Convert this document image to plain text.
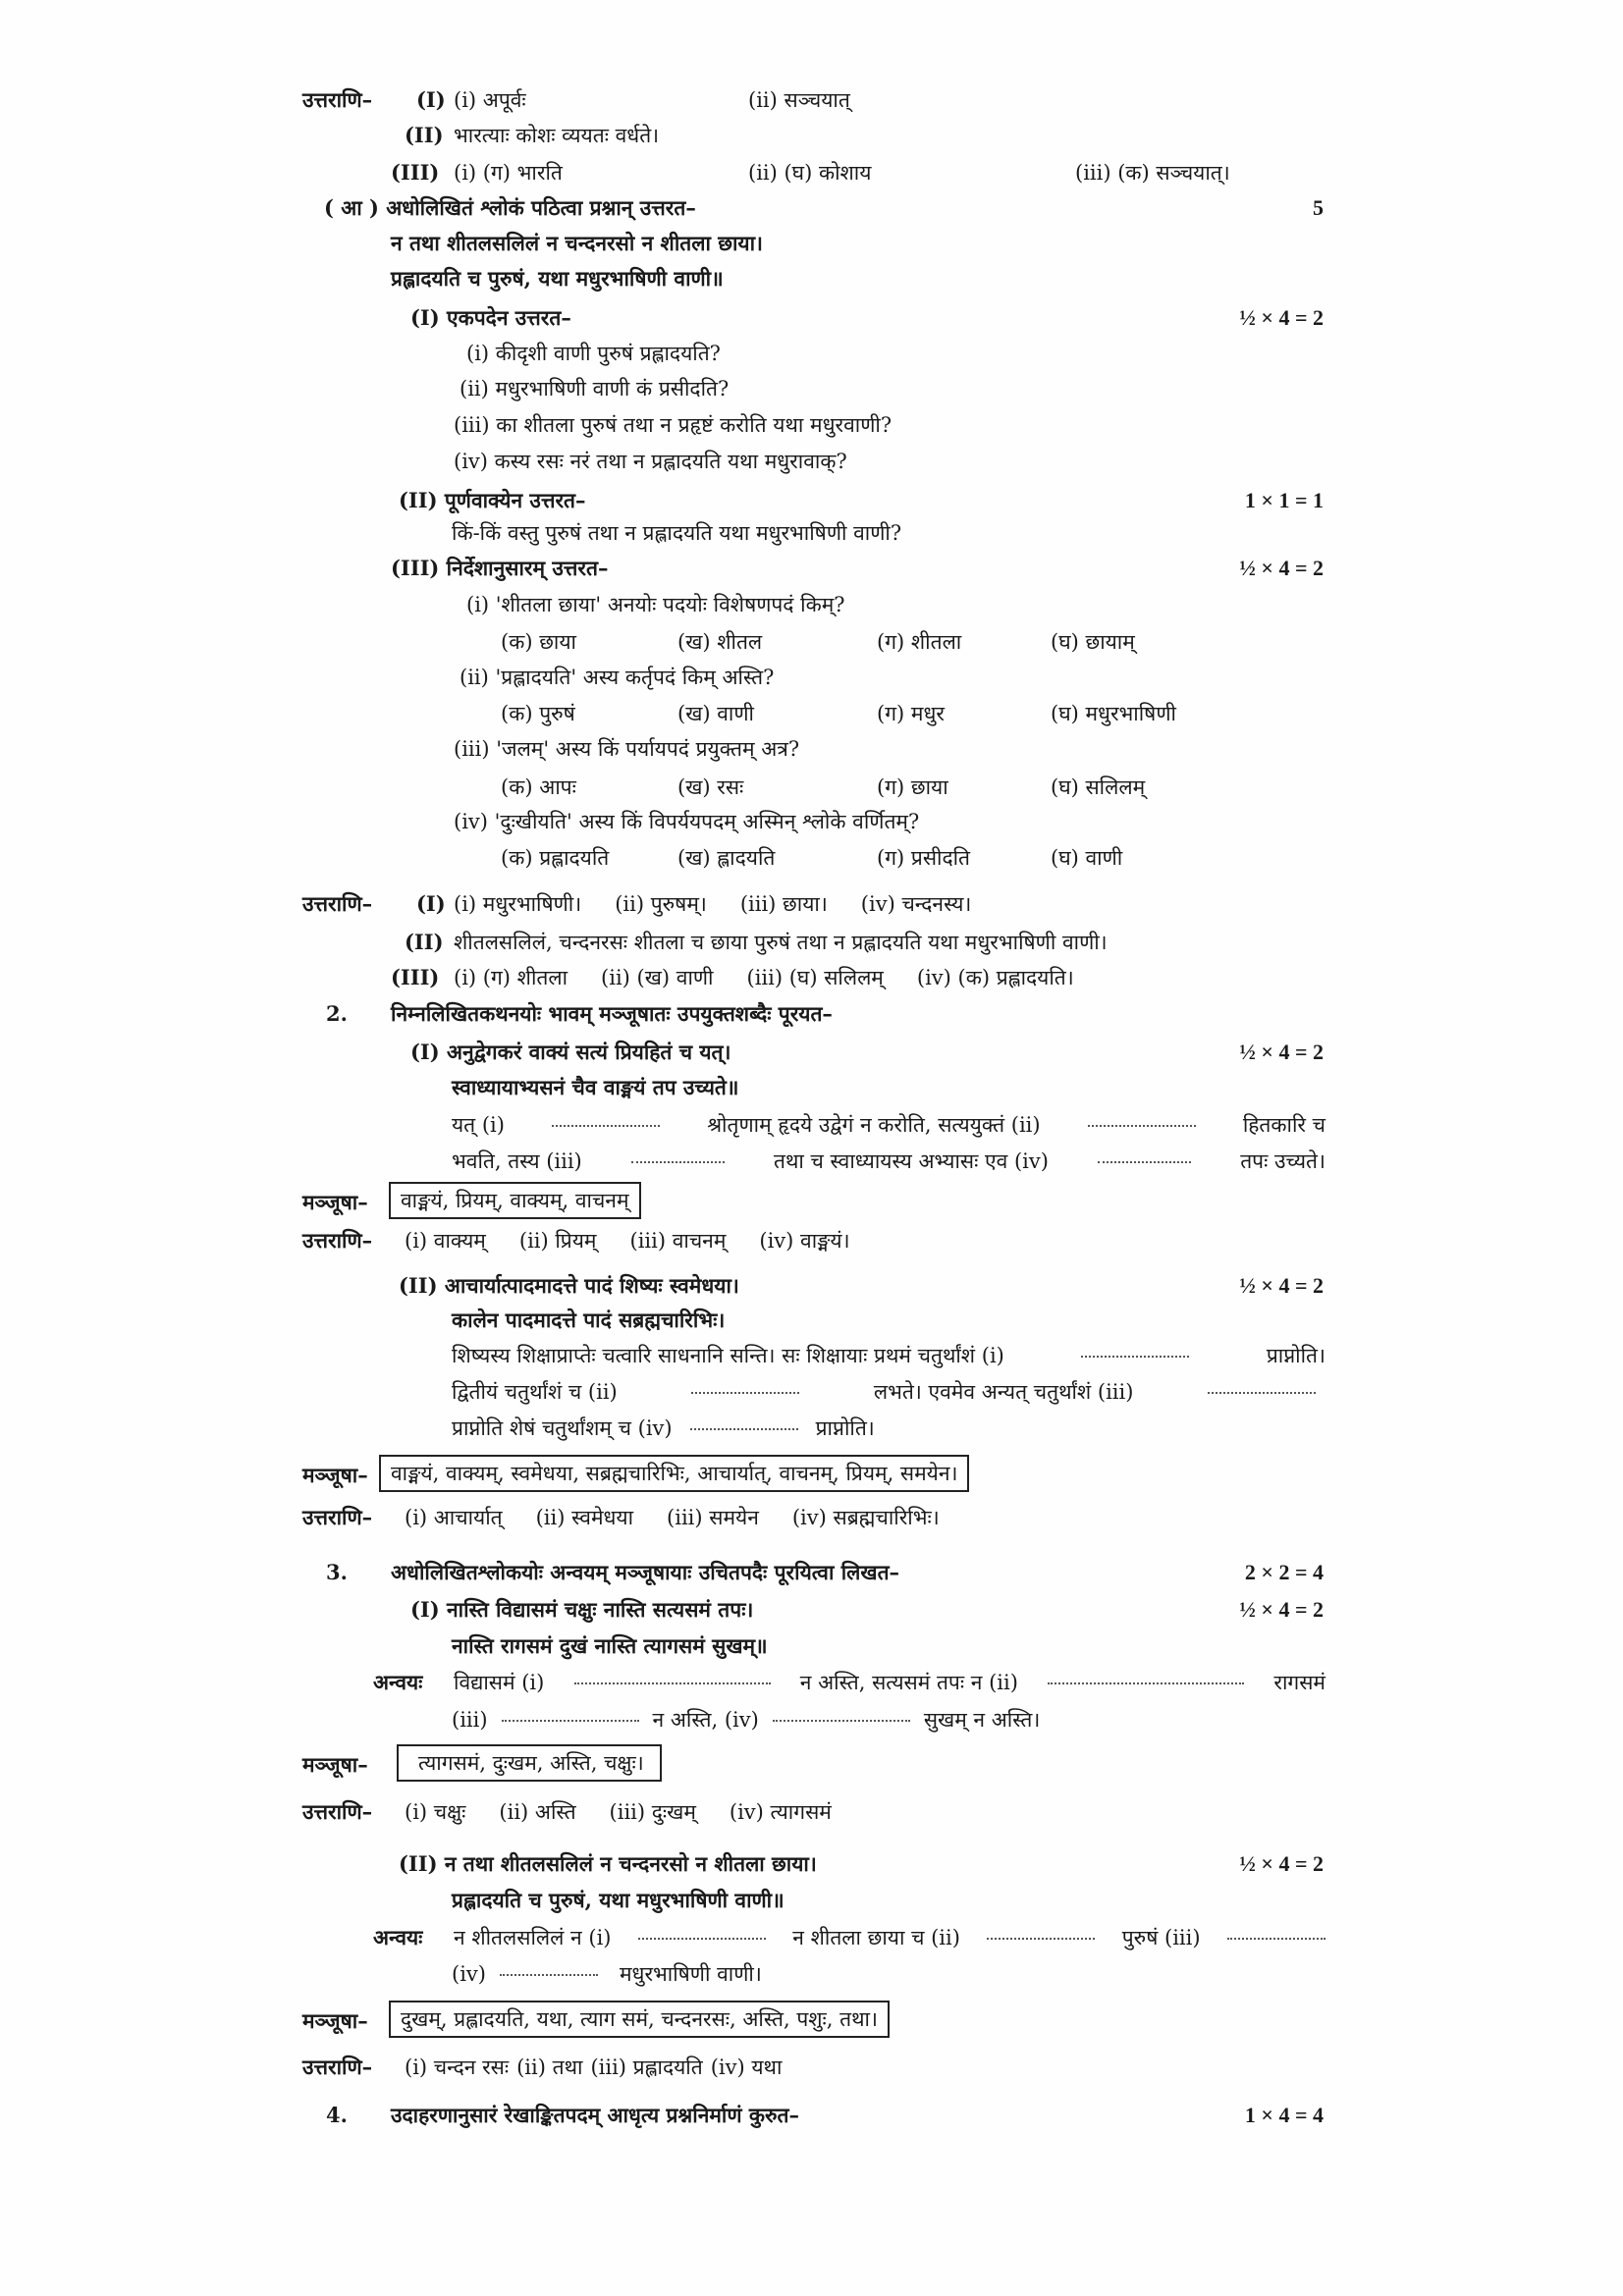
उत्तराणि– (I) (i) अपूर्वः	(ii) सञ्चयात्
(II) भारत्याः कोशः व्ययतः वर्धते।
(III) (i) (ग) भारति	(ii) (घ) कोशाय	(iii) (क) सञ्चयात्।
( आ ) अधोलिखितं श्लोकं पठित्वा प्रश्नान् उत्तरत–	5
न तथा शीतलसलिलं न चन्दनरसो न शीतला छाया।
प्रह्लादयति च पुरुषं, यथा मधुरभाषिणी वाणी॥
(I) एकपदेन उत्तरत–	½ × 4 = 2
(i) कीदृशी वाणी पुरुषं प्रह्लादयति?
(ii) मधुरभाषिणी वाणी कं प्रसीदति?
(iii) का शीतला पुरुषं तथा न प्रहृष्टं करोति यथा मधुरवाणी?
(iv) कस्य रसः नरं तथा न प्रह्लादयति यथा मधुरावाक्?
(II) पूर्णवाक्येन उत्तरत–	1 × 1 = 1
किं-किं वस्तु पुरुषं तथा न प्रह्लादयति यथा मधुरभाषिणी वाणी?
(III) निर्देशानुसारम् उत्तरत–	½ × 4 = 2
(i) 'शीतला छाया' अनयोः पदयोः विशेषणपदं किम्?
(क) छाया	(ख) शीतल	(ग) शीतला	(घ) छायाम्
(ii) 'प्रह्लादयति' अस्य कर्तृपदं किम् अस्ति?
(क) पुरुषं	(ख) वाणी	(ग) मधुर	(घ) मधुरभाषिणी
(iii) 'जलम्' अस्य किं पर्यायपदं प्रयुक्तम् अत्र?
(क) आपः	(ख) रसः	(ग) छाया	(घ) सलिलम्
(iv) 'दुःखीयति' अस्य किं विपर्ययपदम् अस्मिन् श्लोके वर्णितम्?
(क) प्रह्लादयति	(ख) ह्लादयति	(ग) प्रसीदति	(घ) वाणी
उत्तराणि– (I) (i) मधुरभाषिणी। (ii) पुरुषम्। (iii) छाया। (iv) चन्दनस्य।
(II) शीतलसलिलं, चन्दनरसः शीतला च छाया पुरुषं तथा न प्रह्लादयति यथा मधुरभाषिणी वाणी।
(III) (i) (ग) शीतला (ii) (ख) वाणी (iii) (घ) सलिलम् (iv) (क) प्रह्लादयति।
2. निम्नलिखितकथनयोः भावम् मञ्जूषातः उपयुक्तशब्दैः पूरयत–
(I) अनुद्वेगकरं वाक्यं सत्यं प्रियहितं च यत्।	½ × 4 = 2
स्वाध्यायाभ्यसनं चैव वाङ्मयं तप उच्यते॥
यत् (i)	श्रोतृणाम् हृदये उद्वेगं न करोति, सत्ययुक्तं (ii)	हितकारि च
भवति, तस्य (iii)	तथा च स्वाध्यायस्य अभ्यासः एव (iv)	तपः उच्यते।
मञ्जूषा–	वाङ्मयं, प्रियम्, वाक्यम्, वाचनम्
उत्तराणि– (i) वाक्यम् (ii) प्रियम् (iii) वाचनम् (iv) वाङ्मयं।
(II) आचार्यात्पादमादत्ते पादं शिष्यः स्वमेधया।	½ × 4 = 2
कालेन पादमादत्ते पादं सब्रह्मचारिभिः।
शिष्यस्य शिक्षाप्राप्तेः चत्वारि साधनानि सन्ति। सः शिक्षायाः प्रथमं चतुर्थांशं (i)	प्राप्नोति।
द्वितीयं चतुर्थांशं च (ii)	लभते। एवमेव अन्यत् चतुर्थांशं (iii)
प्राप्नोति शेषं चतुर्थांशम् च (iv)	प्राप्नोति।
मञ्जूषा–	वाङ्मयं, वाक्यम्, स्वमेधया, सब्रह्मचारिभिः, आचार्यात्, वाचनम्, प्रियम्, समयेन।
उत्तराणि– (i) आचार्यात् (ii) स्वमेधया (iii) समयेन (iv) सब्रह्मचारिभिः।
3. अधोलिखितश्लोकयोः अन्वयम् मञ्जूषायाः उचितपदैः पूरयित्वा लिखत–	2 × 2 = 4
(I) नास्ति विद्यासमं चक्षुः नास्ति सत्यसमं तपः।	½ × 4 = 2
नास्ति रागसमं दुखं नास्ति त्यागसमं सुखम्॥
अन्वयः विद्यासमं (i)	न अस्ति, सत्यसमं तपः न (ii)	रागसमं
(iii)	न अस्ति, (iv)	सुखम् न अस्ति।
मञ्जूषा–	त्यागसमं, दुःखम, अस्ति, चक्षुः।
उत्तराणि– (i) चक्षुः (ii) अस्ति (iii) दुःखम् (iv) त्यागसमं
(II) न तथा शीतलसलिलं न चन्दनरसो न शीतला छाया।	½ × 4 = 2
प्रह्लादयति च पुरुषं, यथा मधुरभाषिणी वाणी॥
अन्वयः न शीतलसलिलं न (i)	न शीतला छाया च (ii)	पुरुषं (iii)
(iv)	मधुरभाषिणी वाणी।
मञ्जूषा–	दुखम्, प्रह्लादयति, यथा, त्याग समं, चन्दनरसः, अस्ति, पशुः, तथा।
उत्तराणि– (i) चन्दन रसः (ii) तथा (iii) प्रह्लादयति (iv) यथा
4. उदाहरणानुसारं रेखाङ्कितपदम् आधृत्य प्रश्ननिर्माणं कुरुत–	1 × 4 = 4
